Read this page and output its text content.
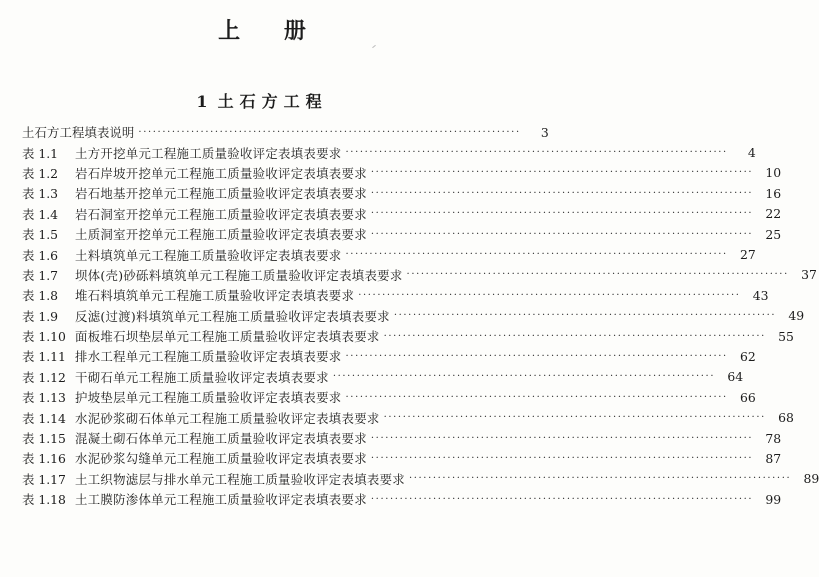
上 册
1 土石方工程
土石方工程填表说明 ················································································	3
表 1.1	土方开挖单元工程施工质量验收评定表填表要求 ················································································	4
表 1.2	岩石岸坡开挖单元工程施工质量验收评定表填表要求 ················································································ 10
表 1.3	岩石地基开挖单元工程施工质量验收评定表填表要求 ················································································ 16
表 1.4	岩石洞室开挖单元工程施工质量验收评定表填表要求 ················································································ 22
表 1.5	土质洞室开挖单元工程施工质量验收评定表填表要求 ················································································ 25
表 1.6	土料填筑单元工程施工质量验收评定表填表要求 ················································································ 27
表 1.7	坝体(壳)砂砾料填筑单元工程施工质量验收评定表填表要求 ················································································ 37
表 1.8	堆石料填筑单元工程施工质量验收评定表填表要求 ················································································ 43
表 1.9	反滤(过渡)料填筑单元工程施工质量验收评定表填表要求 ················································································ 49
表 1.10 面板堆石坝垫层单元工程施工质量验收评定表填表要求 ················································································ 55
表 1.11 排水工程单元工程施工质量验收评定表填表要求 ················································································ 62
表 1.12 干砌石单元工程施工质量验收评定表填表要求 ················································································ 64
表 1.13 护坡垫层单元工程施工质量验收评定表填表要求 ················································································ 66
表 1.14 水泥砂浆砌石体单元工程施工质量验收评定表填表要求 ················································································ 68
表 1.15 混凝土砌石体单元工程施工质量验收评定表填表要求 ················································································ 78
表 1.16 水泥砂浆勾缝单元工程施工质量验收评定表填表要求 ················································································ 87
表 1.17 土工织物滤层与排水单元工程施工质量验收评定表填表要求 ················································································ 89
表 1.18 土工膜防渗体单元工程施工质量验收评定表填表要求 ················································································ 99
